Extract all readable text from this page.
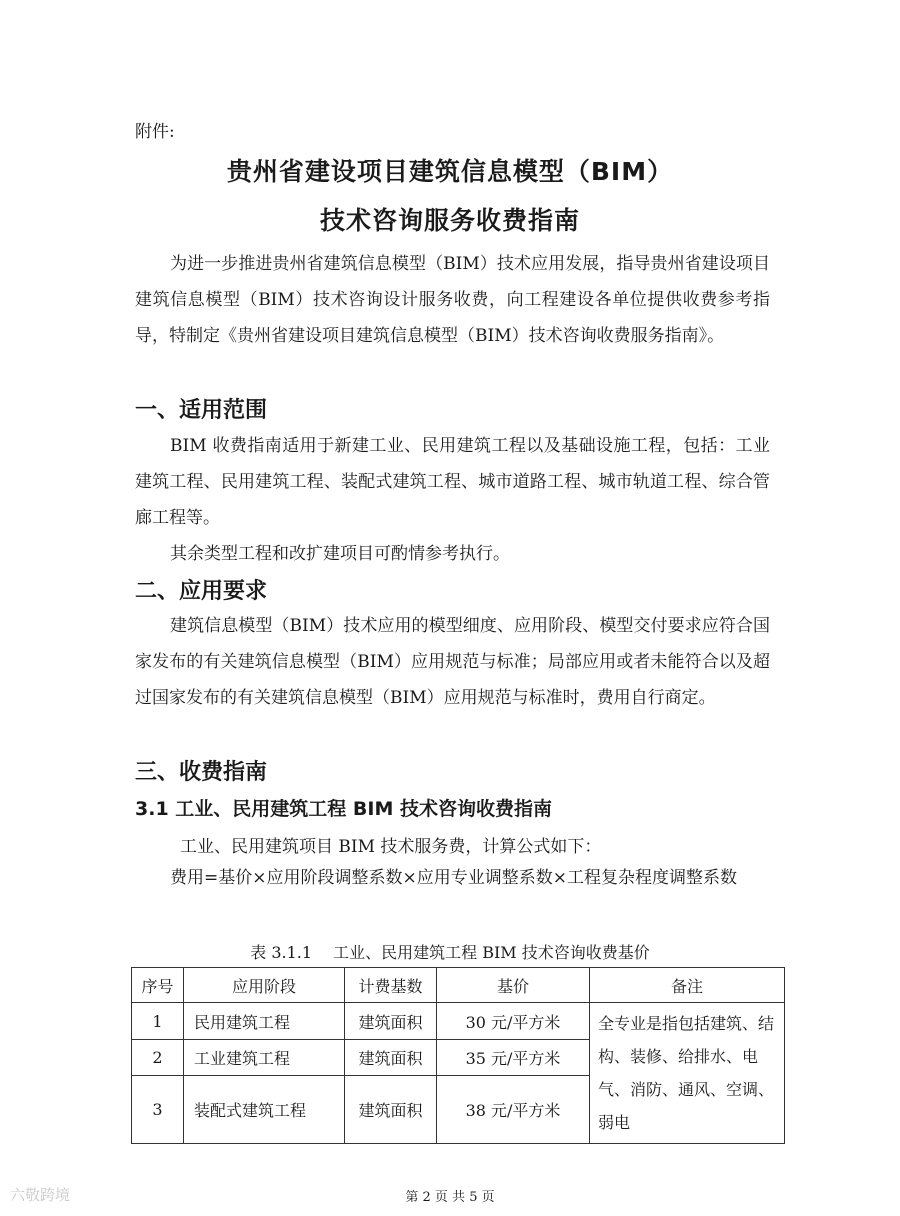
附件:
贵州省建设项目建筑信息模型（BIM）
技术咨询服务收费指南

为进一步推进贵州省建筑信息模型（BIM）技术应用发展，指导贵州省建设项目建筑信息模型（BIM）技术咨询设计服务收费，向工程建设各单位提供收费参考指导，特制定《贵州省建设项目建筑信息模型（BIM）技术咨询收费服务指南》。

一、适用范围

BIM 收费指南适用于新建工业、民用建筑工程以及基础设施工程，包括：工业建筑工程、民用建筑工程、装配式建筑工程、城市道路工程、城市轨道工程、综合管廊工程等。

其余类型工程和改扩建项目可酌情参考执行。

二、应用要求

建筑信息模型（BIM）技术应用的模型细度、应用阶段、模型交付要求应符合国家发布的有关建筑信息模型（BIM）应用规范与标准；局部应用或者未能符合以及超过国家发布的有关建筑信息模型（BIM）应用规范与标准时，费用自行商定。

三、收费指南
3.1 工业、民用建筑工程 BIM 技术咨询收费指南
工业、民用建筑项目 BIM 技术服务费，计算公式如下：

费用=基价×应用阶段调整系数×应用专业调整系数×工程复杂程度调整系数

表 3.1.1　 工业、民用建筑工程 BIM 技术咨询收费基价
序号	应用阶段	计费基数	基价	备注
1	民用建筑工程	建筑面积	30 元/平方米	全专业是指包括建筑、结构、装修、给排水、电气、消防、通风、空调、弱电
2	工业建筑工程	建筑面积	35 元/平方米	
3	装配式建筑工程	建筑面积	38 元/平方米	
第 2 页 共 5 页
六敬跨境
